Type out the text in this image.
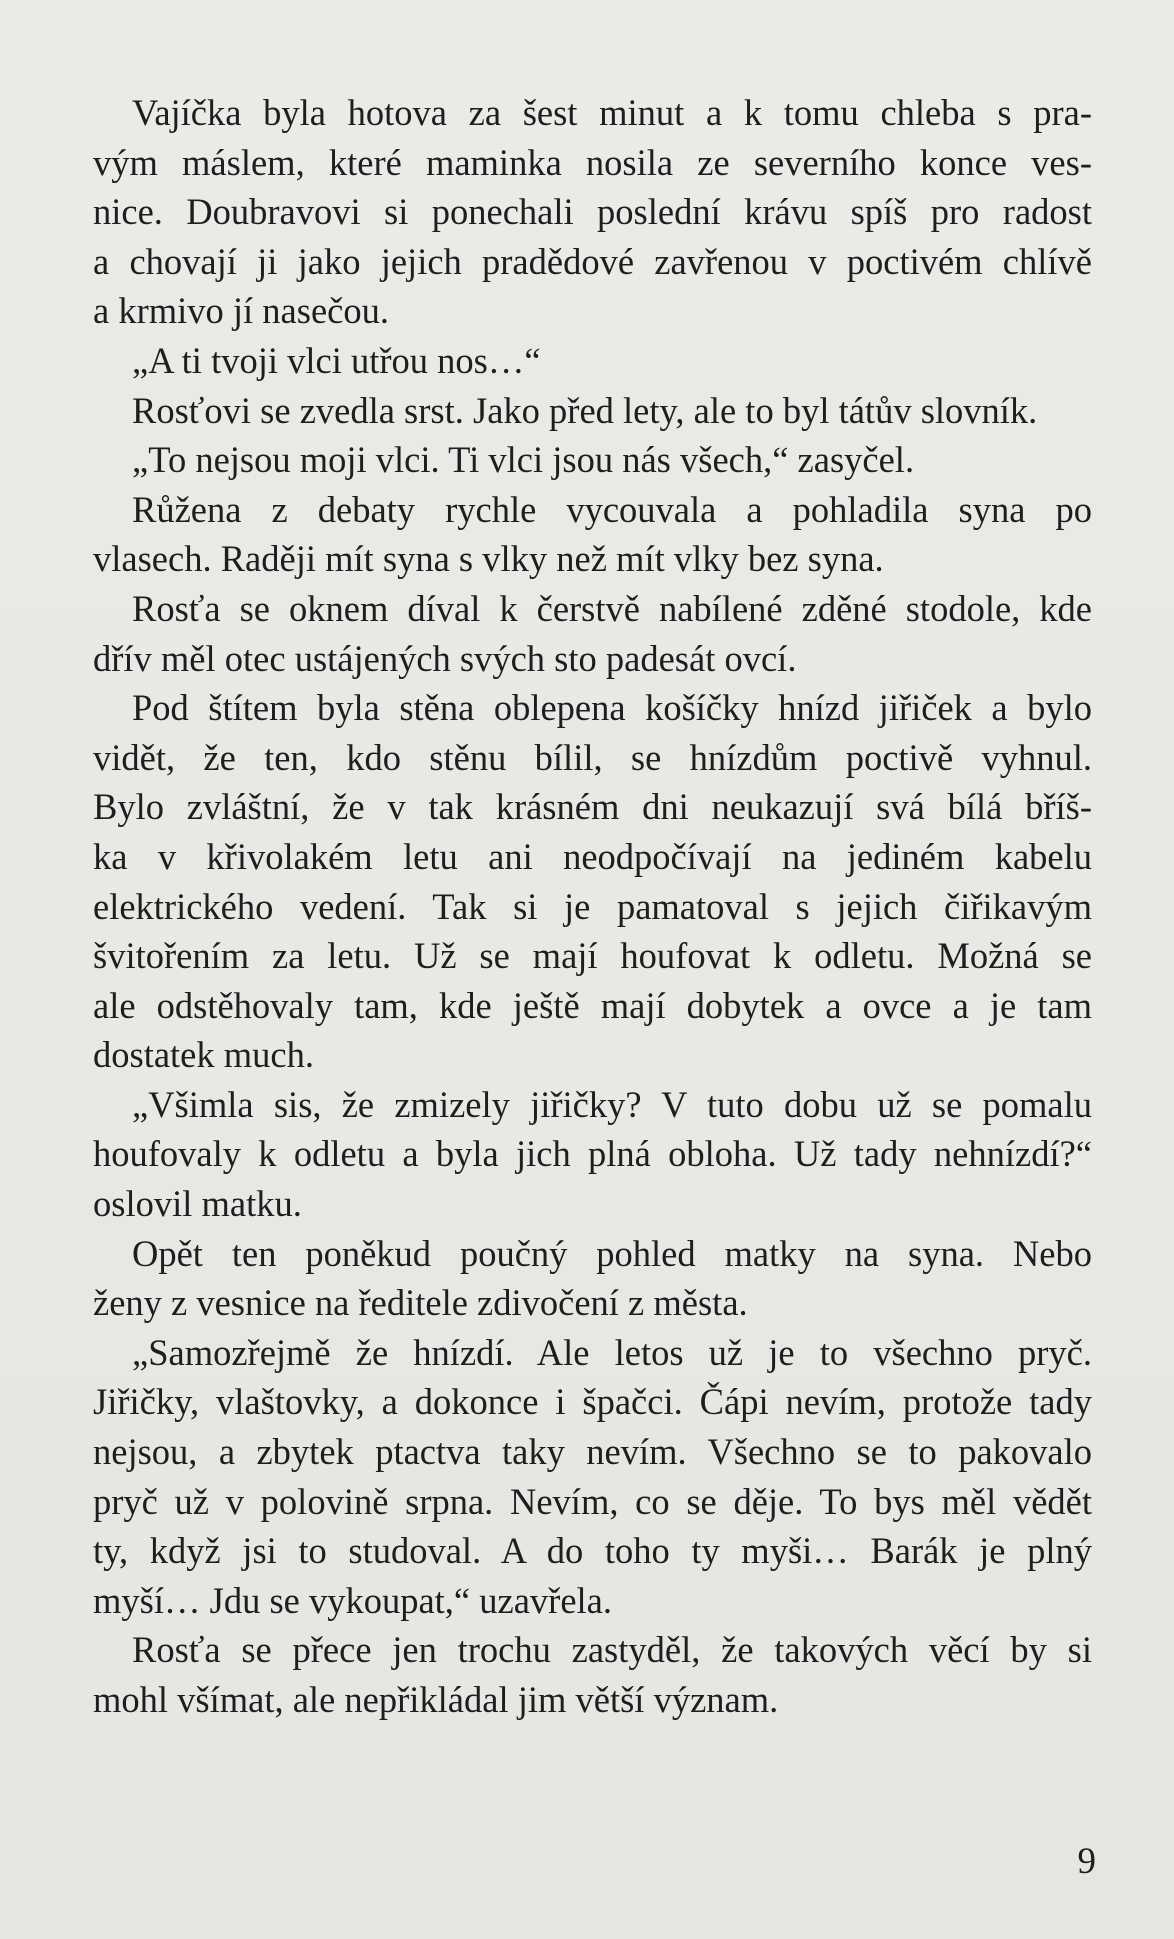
Vajíčka byla hotova za šest minut a k tomu chleba s pra-
vým máslem, které maminka nosila ze severního konce ves-
nice. Doubravovi si ponechali poslední krávu spíš pro radost
a chovají ji jako jejich pradědové zavřenou v poctivém chlívě
a krmivo jí nasečou.
„A ti tvoji vlci utřou nos…“
Rosťovi se zvedla srst. Jako před lety, ale to byl tátův slovník.
„To nejsou moji vlci. Ti vlci jsou nás všech,“ zasyčel.
Růžena z debaty rychle vycouvala a pohladila syna po
vlasech. Raději mít syna s vlky než mít vlky bez syna.
Rosťa se oknem díval k čerstvě nabílené zděné stodole, kde
dřív měl otec ustájených svých sto padesát ovcí.
Pod štítem byla stěna oblepena košíčky hnízd jiřiček a bylo
vidět, že ten, kdo stěnu bílil, se hnízdům poctivě vyhnul.
Bylo zvláštní, že v tak krásném dni neukazují svá bílá bříš-
ka v křivolakém letu ani neodpočívají na jediném kabelu
elektrického vedení. Tak si je pamatoval s jejich čiřikavým
švitořením za letu. Už se mají houfovat k odletu. Možná se
ale odstěhovaly tam, kde ještě mají dobytek a ovce a je tam
dostatek much.
„Všimla sis, že zmizely jiřičky? V tuto dobu už se pomalu
houfovaly k odletu a byla jich plná obloha. Už tady nehnízdí?“
oslovil matku.
Opět ten poněkud poučný pohled matky na syna. Nebo
ženy z vesnice na ředitele zdivočení z města.
„Samozřejmě že hnízdí. Ale letos už je to všechno pryč.
Jiřičky, vlaštovky, a dokonce i špačci. Čápi nevím, protože tady
nejsou, a zbytek ptactva taky nevím. Všechno se to pakovalo
pryč už v polovině srpna. Nevím, co se děje. To bys měl vědět
ty, když jsi to studoval. A do toho ty myši… Barák je plný
myší… Jdu se vykoupat,“ uzavřela.
Rosťa se přece jen trochu zastyděl, že takových věcí by si
mohl všímat, ale nepřikládal jim větší význam.
9
